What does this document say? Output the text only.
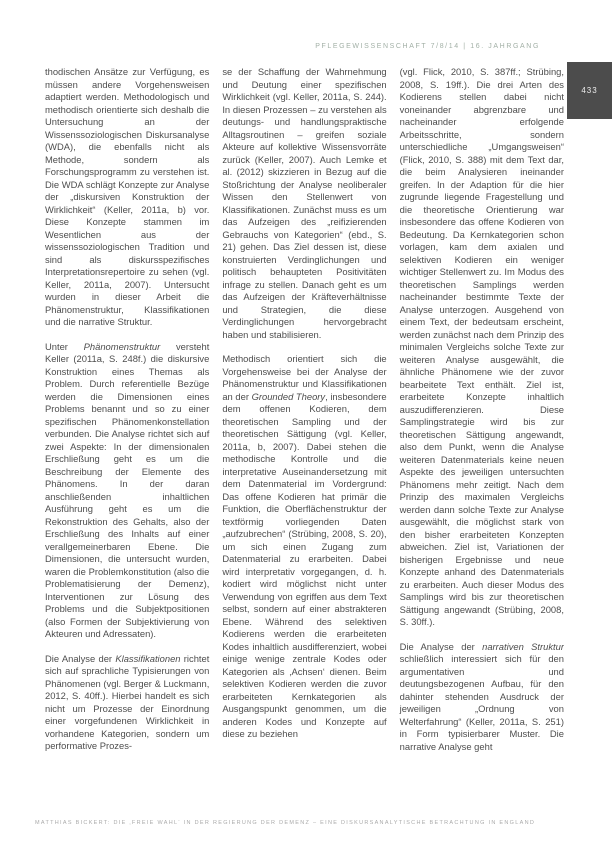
PFLEGEWISSENSCHAFT 7/8/14 | 16. JAHRGANG
433

thodischen Ansätze zur Verfügung, es müssen andere Vorgehensweisen adaptiert werden. Methodologisch und methodisch orientierte sich deshalb die Untersuchung an der Wissenssoziologischen Diskursanalyse (WDA), die ebenfalls nicht als Methode, sondern als Forschungsprogramm zu verstehen ist. Die WDA schlägt Konzepte zur Analyse der „diskursiven Konstruktion der Wirklichkeit“ (Keller, 2011a, b) vor. Diese Konzepte stammen im Wesentlichen aus der wissenssoziologischen Tradition und sind als diskursspezifisches Interpretationsrepertoire zu sehen (vgl. Keller, 2011a, 2007). Untersucht wurden in dieser Arbeit die Phänomenstruktur, Klassifikationen und die narrative Struktur.

Unter Phänomenstruktur versteht Keller (2011a, S. 248f.) die diskursive Konstruktion eines Themas als Problem. Durch referentielle Bezüge werden die Dimensionen eines Problems benannt und so zu einer spezifischen Phänomenkonstellation verbunden. Die Analyse richtet sich auf zwei Aspekte: In der dimensionalen Erschließung geht es um die Beschreibung der Elemente des Phänomens. In der daran anschließenden inhaltlichen Ausführung geht es um die Rekonstruktion des Gehalts, also der Erschließung des Inhalts auf einer verallgemeinerbaren Ebene. Die Dimensionen, die untersucht wurden, waren die Problemkonstitution (also die Problematisierung der Demenz), Interventionen zur Lösung des Problems und die Subjektpositionen (also Formen der Subjektivierung von Akteuren und Adressaten).

Die Analyse der Klassifikationen richtet sich auf sprachliche Typisierungen von Phänomenen (vgl. Berger & Luckmann, 2012, S. 40ff.). Hierbei handelt es sich nicht um Prozesse der Einordnung einer vorgefundenen Wirklichkeit in vorhandene Kategorien, sondern um performative Prozes-

se der Schaffung der Wahrnehmung und Deutung einer spezifischen Wirklichkeit (vgl. Keller, 2011a, S. 244). In diesen Prozessen – zu verstehen als deutungs- und handlungspraktische Alltagsroutinen – greifen soziale Akteure auf kollektive Wissensvorräte zurück (Keller, 2007). Auch Lemke et al. (2012) skizzieren in Bezug auf die Stoßrichtung der Analyse neoliberaler Wissen den Stellenwert von Klassifikationen. Zunächst muss es um das Aufzeigen des „reifizierenden Gebrauchs von Kategorien“ (ebd., S. 21) gehen. Das Ziel dessen ist, diese konstruierten Verdinglichungen und politisch behaupteten Positivitäten infrage zu stellen. Danach geht es um das Aufzeigen der Kräfteverhältnisse und Strategien, die diese Verdinglichungen hervorgebracht haben und stabilisieren.

Methodisch orientiert sich die Vorgehensweise bei der Analyse der Phänomenstruktur und Klassifikationen an der Grounded Theory, insbesondere dem offenen Kodieren, dem theoretischen Sampling und der theoretischen Sättigung (vgl. Keller, 2011a, b, 2007). Dabei stehen die methodische Kontrolle und die interpretative Auseinandersetzung mit dem Datenmaterial im Vordergrund: Das offene Kodieren hat primär die Funktion, die Oberflächenstruktur der textförmig vorliegenden Daten „aufzubrechen“ (Strübing, 2008, S. 20), um sich einen Zugang zum Datenmaterial zu erarbeiten. Dabei wird interpretativ vorgegangen, d. h. kodiert wird möglichst nicht unter Verwendung von egriffen aus dem Text selbst, sondern auf einer abstrakteren Ebene. Während des selektiven Kodierens werden die erarbeiteten Kodes inhaltlich ausdifferenziert, wobei einige wenige zentrale Kodes oder Kategorien als ‚Achsen‘ dienen. Beim selektiven Kodieren werden die zuvor erarbeiteten Kernkategorien als Ausgangspunkt genommen, um die anderen Kodes und Konzepte auf diese zu beziehen

(vgl. Flick, 2010, S. 387ff.; Strübing, 2008, S. 19ff.). Die drei Arten des Kodierens stellen dabei nicht voneinander abgrenzbare und nacheinander erfolgende Arbeitsschritte, sondern unterschiedliche „Umgangsweisen“ (Flick, 2010, S. 388) mit dem Text dar, die beim Analysieren ineinander greifen. In der Adaption für die hier zugrunde liegende Fragestellung und die theoretische Orientierung war insbesondere das offene Kodieren von Bedeutung. Da Kernkategorien schon vorlagen, kam dem axialen und selektiven Kodieren ein weniger wichtiger Stellenwert zu. Im Modus des theoretischen Samplings werden nacheinander bestimmte Texte der Analyse unterzogen. Ausgehend von einem Text, der bedeutsam erscheint, werden zunächst nach dem Prinzip des minimalen Vergleichs solche Texte zur weiteren Analyse ausgewählt, die ähnliche Phänomene wie der zuvor bearbeitete Text enthält. Ziel ist, erarbeitete Konzepte inhaltlich auszudifferenzieren. Diese Samplingstrategie wird bis zur theoretischen Sättigung angewandt, also dem Punkt, wenn die Analyse weiteren Datenmaterials keine neuen Aspekte des jeweiligen untersuchten Phänomens mehr zeitigt. Nach dem Prinzip des maximalen Vergleichs werden dann solche Texte zur Analyse ausgewählt, die möglichst stark von den bisher erarbeiteten Konzepten abweichen. Ziel ist, Variationen der bisherigen Ergebnisse und neue Konzepte anhand des Datenmaterials zu erarbeiten. Auch dieser Modus des Samplings wird bis zur theoretischen Sättigung angewandt (Strübing, 2008, S. 30ff.).

Die Analyse der narrativen Struktur schließlich interessiert sich für den argumentativen und deutungsbezogenen Aufbau, für den dahinter stehenden Ausdruck der jeweiligen „Ordnung von Welterfahrung“ (Keller, 2011a, S. 251) in Form typisierbarer Muster. Die narrative Analyse geht

MATTHIAS BICKERT: DIE ‚FREIE WAHL‘ IN DER REGIERUNG DER DEMENZ – EINE DISKURSANALYTISCHE BETRACHTUNG IN ENGLAND
